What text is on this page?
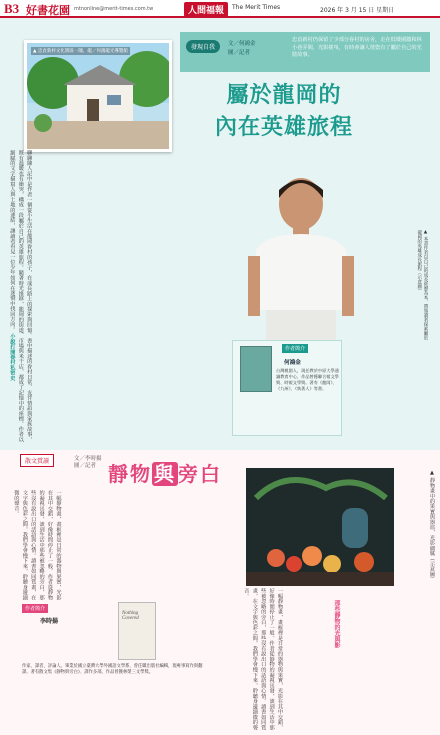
B3 好書花園 mtnonline@merit-times.com.tw	人間福報	The Merit Times	2026 年 3 月 15 日 星期日
文／何鴻金
圖／記者
忠貞新村仍保留了少部分眷村的房舍，走在低矮圍牆和林小巷弄間，光影搖曳，有時會讓人恍惚有了屬於自己的光陰故事。
發現自我
▲ 忠貞新村文化園區一隅，龍／何鴻龍光導覽館
屬於龍岡的
內在英雄旅程
聊聊陳人記中是作者一個從小生活在龍岡眷村的孩子，在成長路上的探索與回憶。書中描述的眷村日常、友伴情誼與家族故事，既有溫暖也有衝突，構成一段屬於自己的英雄旅程。隨著時光推移，龍岡的街道、市場與米干店，都成了記憶中的座標。作者以細膩的文字描寫人與土地的連結，讓讀者看見一位少年如何在迷惘中找回方向。 小說打開眷村私密史
▲ 本書作者以自己的成長經歷為本，帶領讀者探索屬於龍岡的英雄成長旅程（示意圖）
作者簡介
何鴻金
台灣桃園人，現任教於中原大學通識教育中心，作品曾獲聯合報文學獎、時報文學獎。著有《龍岡》、《九州》、《執著人》等書。
散文賞讀	文／李時揚
圖／記者 靜物 與 旁白
一幅靜物畫，畫框裡是日常的器物與果實，光影在其中交錯，好像時間停止了一般。作者從靜物的凝視出發，談到生活中那些被忽略的旁白，那些沒有說出口的話語與心情。讀書如同賞畫，在文字與色彩之間，我們學會慢下來，聆聽身邊細微的聲音。
一幅靜物畫，畫框裡是日常的器物與果實，光影在其中交錯，好像時間停止了一般。作者從靜物的凝視出發，談到生活中那些被忽略的旁白，那些沒有說出口的話語與心情。讀書如同賞畫，在文字與色彩之間，我們學會慢下來，聆聽身邊細微的聲音。
▲ 靜物畫中的果實與器皿，光影細膩（示意圖）
那些靜物的光與影
作者簡介
李時揚
Nothing Covered
作家、譯者、評論人。畢業於國立臺灣大學外國語文學系，曾任職出版社編輯，現專事寫作與翻譯。著有散文集《靜物與旁白》、譯作多部，作品曾獲林榮三文學獎。
